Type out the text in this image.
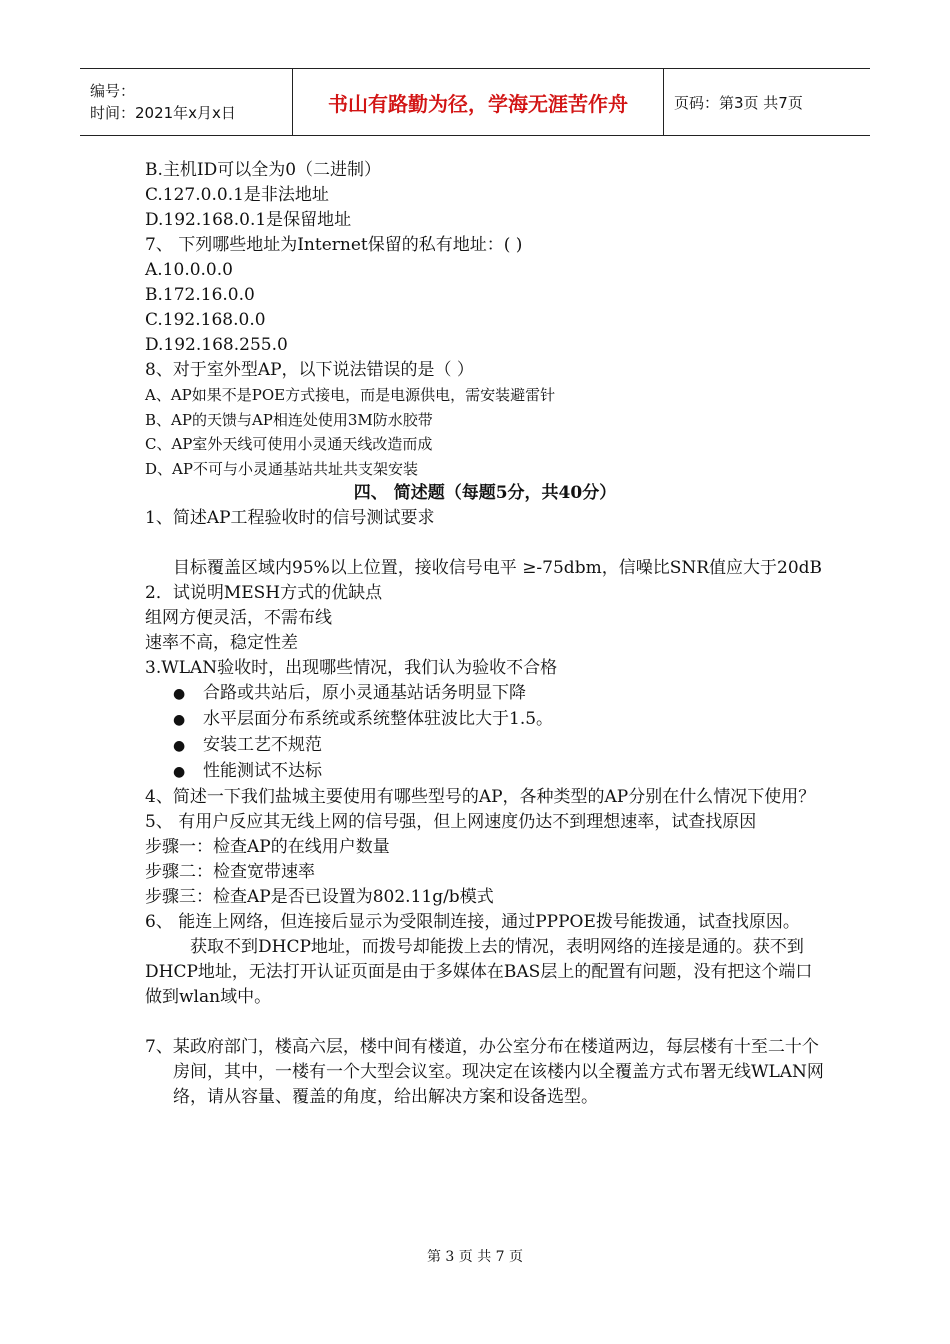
编号：
时间：2021年x月x日	书山有路勤为径，学海无涯苦作舟	页码：第3页 共7页
B.主机ID可以全为0（二进制）
C.127.0.0.1是非法地址
D.192.168.0.1是保留地址
7、 下列哪些地址为Internet保留的私有地址：( )
A.10.0.0.0
B.172.16.0.0
C.192.168.0.0
D.192.168.255.0
8、对于室外型AP，以下说法错误的是（ ）
A、AP如果不是POE方式接电，而是电源供电，需安装避雷针
B、AP的天馈与AP相连处使用3M防水胶带
C、AP室外天线可使用小灵通天线改造而成
D、AP不可与小灵通基站共址共支架安装
四、 简述题（每题5分，共40分）
1、简述AP工程验收时的信号测试要求
目标覆盖区域内95%以上位置，接收信号电平 ≥-75dbm，信噪比SNR值应大于20dB
2．试说明MESH方式的优缺点
组网方便灵活，不需布线
速率不高，稳定性差
3.WLAN验收时，出现哪些情况，我们认为验收不合格
● 合路或共站后，原小灵通基站话务明显下降
● 水平层面分布系统或系统整体驻波比大于1.5。
● 安装工艺不规范
● 性能测试不达标
4、简述一下我们盐城主要使用有哪些型号的AP，各种类型的AP分别在什么情况下使用？
5、 有用户反应其无线上网的信号强，但上网速度仍达不到理想速率，试查找原因
步骤一：检查AP的在线用户数量
步骤二：检查宽带速率
步骤三：检查AP是否已设置为802.11g/b模式
6、 能连上网络，但连接后显示为受限制连接，通过PPPOE拨号能拨通，试查找原因。
获取不到DHCP地址，而拨号却能拨上去的情况，表明网络的连接是通的。获不到DHCP地址，无法打开认证页面是由于多媒体在BAS层上的配置有问题，没有把这个端口做到wlan域中。
7、某政府部门，楼高六层，楼中间有楼道，办公室分布在楼道两边，每层楼有十至二十个房间，其中，一楼有一个大型会议室。现决定在该楼内以全覆盖方式布署无线WLAN网络，请从容量、覆盖的角度，给出解决方案和设备选型。
第 3 页 共 7 页
